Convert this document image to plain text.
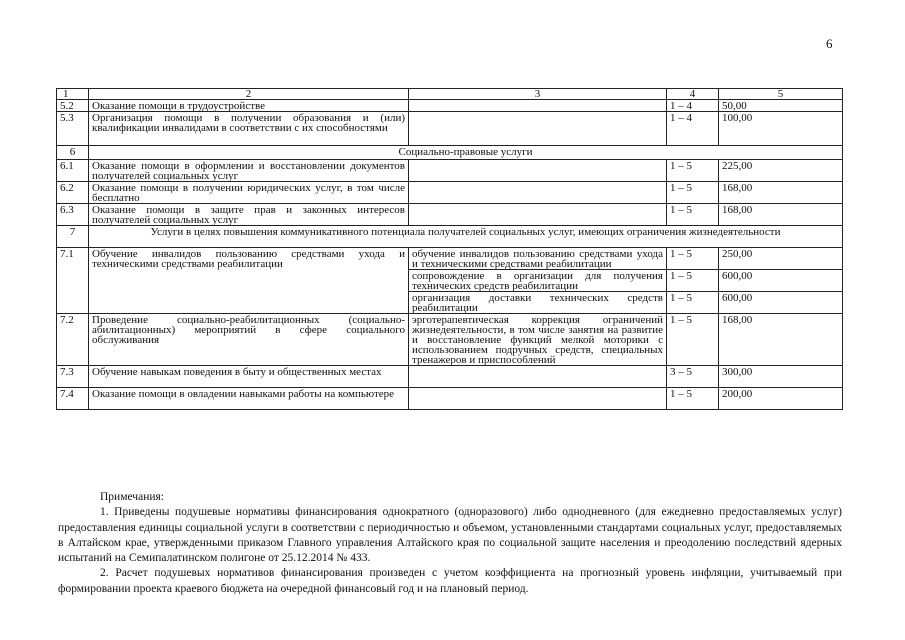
6
1	2	3	4	5
5.2	Оказание помощи в трудоустройстве		1 – 4	50,00
5.3	Организация помощи в получении образования и (или) квалификации инвалидами в соответствии с их способностями		1 – 4	100,00
6	Социально-правовые услуги			
6.1	Оказание помощи в оформлении и восстановлении документов получателей социальных услуг		1 – 5	225,00
6.2	Оказание помощи в получении юридических услуг, в том числе бесплатно		1 – 5	168,00
6.3	Оказание помощи в защите прав и законных интересов получателей социальных услуг		1 – 5	168,00
7	Услуги в целях повышения коммуникативного потенциала получателей социальных услуг, имеющих ограничения жизнедеятельности			
7.1	Обучение инвалидов пользованию средствами ухода и техническими средствами реабилитации	обучение инвалидов пользованию средствами ухода и техническими средствами реабилитации	1 – 5	250,00
		сопровождение в организации для получения технических средств реабилитации	1 – 5	600,00
		организация доставки технических средств реабилитации	1 – 5	600,00
7.2	Проведение социально-реабилитационных (социально-абилитационных) мероприятий в сфере социального обслуживания	эрготерапевтическая коррекция ограничений жизнедеятельности, в том числе занятия на развитие и восстановление функций мелкой моторики с использованием подручных средств, специальных тренажеров и приспособлений	1 – 5	168,00
7.3	Обучение навыкам поведения в быту и общественных местах		3 – 5	300,00
7.4	Оказание помощи в овладении навыками работы на компьютере		1 – 5	200,00

Примечания:

1. Приведены подушевые нормативы финансирования однократного (одноразового) либо однодневного (для ежедневно предоставляемых услуг) предоставления единицы социальной услуги в соответствии с периодичностью и объемом, установленными стандартами социальных услуг, предоставляемых в Алтайском крае, утвержденными приказом Главного управления Алтайского края по социальной защите населения и преодолению последствий ядерных испытаний на Семипалатинском полигоне от 25.12.2014 № 433.

2. Расчет подушевых нормативов финансирования произведен с учетом коэффициента на прогнозный уровень инфляции, учитываемый при формировании проекта краевого бюджета на очередной финансовый год и на плановый период.
